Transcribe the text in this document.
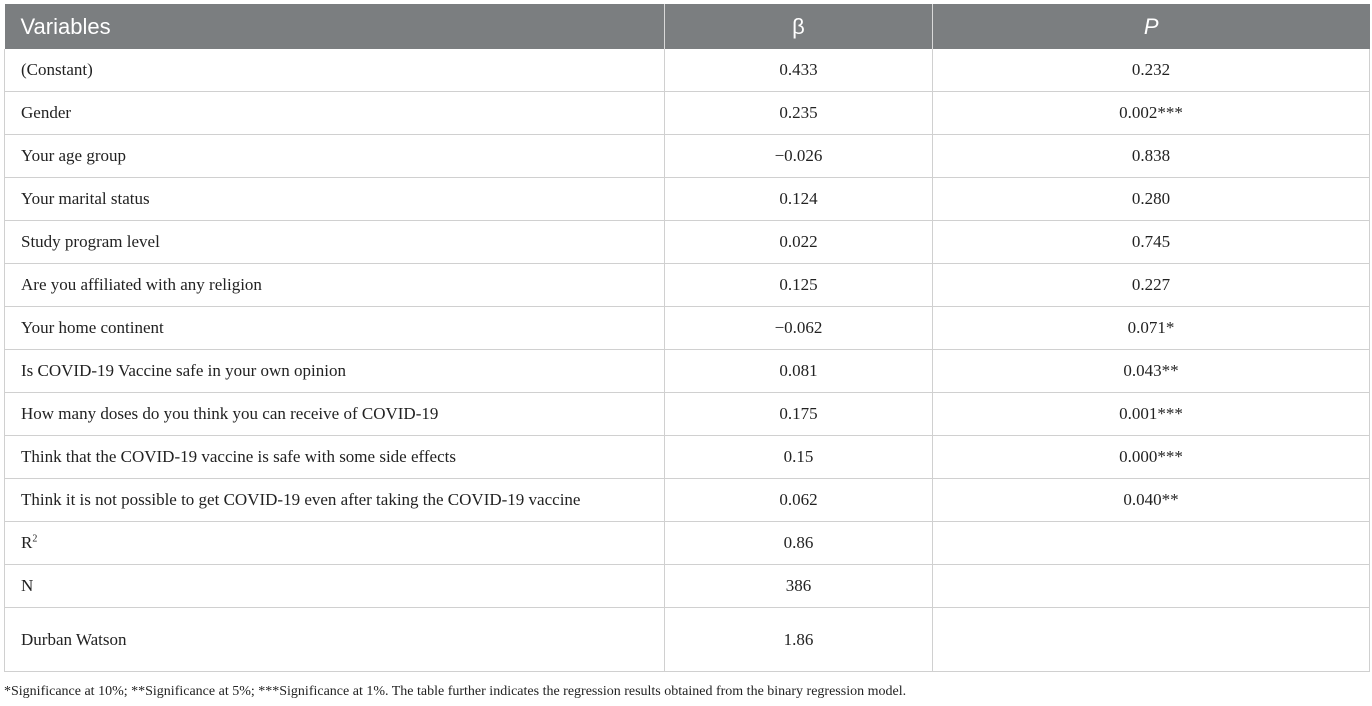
Variables	β	P
(Constant)	0.433	0.232
Gender	0.235	0.002***
Your age group	−0.026	0.838
Your marital status	0.124	0.280
Study program level	0.022	0.745
Are you affiliated with any religion	0.125	0.227
Your home continent	−0.062	0.071*
Is COVID-19 Vaccine safe in your own opinion	0.081	0.043**
How many doses do you think you can receive of COVID-19	0.175	0.001***
Think that the COVID-19 vaccine is safe with some side effects	0.15	0.000***
Think it is not possible to get COVID-19 even after taking the COVID-19 vaccine	0.062	0.040**
$R^2$	0.86	
N	386	
Durban Watson	1.86	
*Significance at 10%; **Significance at 5%; ***Significance at 1%. The table further indicates the regression results obtained from the binary regression model.
